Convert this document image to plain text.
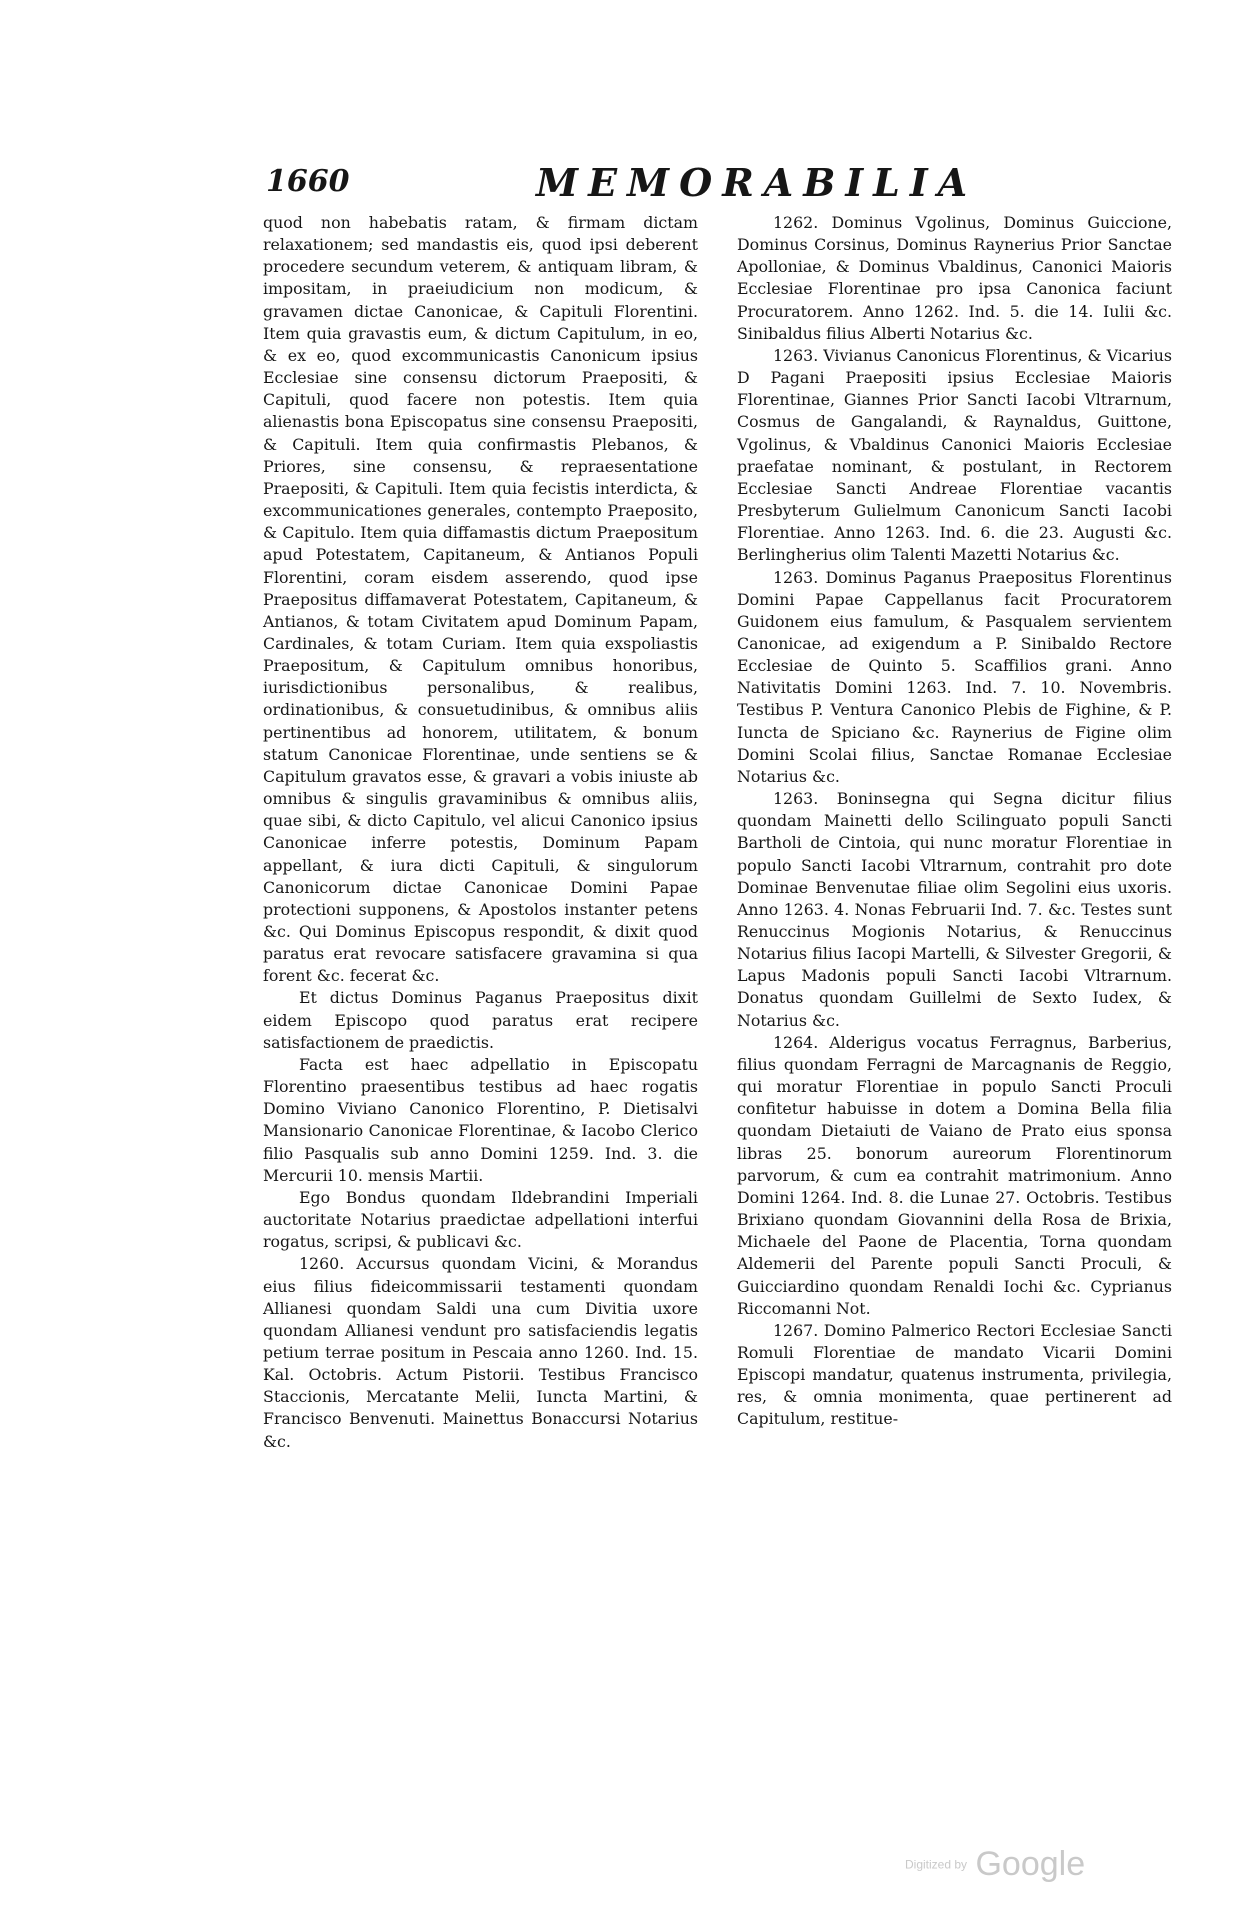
1660	MEMORABILIA

quod non habebatis ratam, & firmam dictam relaxationem; sed mandastis eis, quod ipsi deberent procedere secundum veterem, & antiquam libram, & impositam, in praeiudicium non modicum, & gravamen dictae Canonicae, & Capituli Florentini. Item quia gravastis eum, & dictum Capitulum, in eo, & ex eo, quod excommunicastis Canonicum ipsius Ecclesiae sine consensu dictorum Praepositi, & Capituli, quod facere non potestis. Item quia alienastis bona Episcopatus sine consensu Praepositi, & Capituli. Item quia confirmastis Plebanos, & Priores, sine consensu, & repraesentatione Praepositi, & Capituli. Item quia fecistis interdicta, & excommunicationes generales, contempto Praeposito, & Capitulo. Item quia diffamastis dictum Praepositum apud Potestatem, Capitaneum, & Antianos Populi Florentini, coram eisdem asserendo, quod ipse Praepositus diffamaverat Potestatem, Capitaneum, & Antianos, & totam Civitatem apud Dominum Papam, Cardinales, & totam Curiam. Item quia exspoliastis Praepositum, & Capitulum omnibus honoribus, iurisdictionibus personalibus, & realibus, ordinationibus, & consuetudinibus, & omnibus aliis pertinentibus ad honorem, utilitatem, & bonum statum Canonicae Florentinae, unde sentiens se & Capitulum gravatos esse, & gravari a vobis iniuste ab omnibus & singulis gravaminibus & omnibus aliis, quae sibi, & dicto Capitulo, vel alicui Canonico ipsius Canonicae inferre potestis, Dominum Papam appellant, & iura dicti Capituli, & singulorum Canonicorum dictae Canonicae Domini Papae protectioni supponens, & Apostolos instanter petens &c. Qui Dominus Episcopus respondit, & dixit quod paratus erat revocare satisfacere gravamina si qua forent &c. fecerat &c.

Et dictus Dominus Paganus Praepositus dixit eidem Episcopo quod paratus erat recipere satisfactionem de praedictis.

Facta est haec adpellatio in Episcopatu Florentino praesentibus testibus ad haec rogatis Domino Viviano Canonico Florentino, P. Dietisalvi Mansionario Canonicae Florentinae, & Iacobo Clerico filio Pasqualis sub anno Domini 1259. Ind. 3. die Mercurii 10. mensis Martii.

Ego Bondus quondam Ildebrandini Imperiali auctoritate Notarius praedictae adpellationi interfui rogatus, scripsi, & publicavi &c.

1260. Accursus quondam Vicini, & Morandus eius filius fideicommissarii testamenti quondam Allianesi quondam Saldi una cum Divitia uxore quondam Allianesi vendunt pro satisfaciendis legatis petium terrae positum in Pescaia anno 1260. Ind. 15. Kal. Octobris. Actum Pistorii. Testibus Francisco Staccionis, Mercatante Melii, Iuncta Martini, & Francisco Benvenuti. Mainettus Bonaccursi Notarius &c.

1262. Dominus Vgolinus, Dominus Guiccione, Dominus Corsinus, Dominus Raynerius Prior Sanctae Apolloniae, & Dominus Vbaldinus, Canonici Maioris Ecclesiae Florentinae pro ipsa Canonica faciunt Procuratorem. Anno 1262. Ind. 5. die 14. Iulii &c. Sinibaldus filius Alberti Notarius &c.

1263. Vivianus Canonicus Florentinus, & Vicarius D Pagani Praepositi ipsius Ecclesiae Maioris Florentinae, Giannes Prior Sancti Iacobi Vltrarnum, Cosmus de Gangalandi, & Raynaldus, Guittone, Vgolinus, & Vbaldinus Canonici Maioris Ecclesiae praefatae nominant, & postulant, in Rectorem Ecclesiae Sancti Andreae Florentiae vacantis Presbyterum Gulielmum Canonicum Sancti Iacobi Florentiae. Anno 1263. Ind. 6. die 23. Augusti &c. Berlingherius olim Talenti Mazetti Notarius &c.

1263. Dominus Paganus Praepositus Florentinus Domini Papae Cappellanus facit Procuratorem Guidonem eius famulum, & Pasqualem servientem Canonicae, ad exigendum a P. Sinibaldo Rectore Ecclesiae de Quinto 5. Scaffilios grani. Anno Nativitatis Domini 1263. Ind. 7. 10. Novembris. Testibus P. Ventura Canonico Plebis de Fighine, & P. Iuncta de Spiciano &c. Raynerius de Figine olim Domini Scolai filius, Sanctae Romanae Ecclesiae Notarius &c.

1263. Boninsegna qui Segna dicitur filius quondam Mainetti dello Scilinguato populi Sancti Bartholi de Cintoia, qui nunc moratur Florentiae in populo Sancti Iacobi Vltrarnum, contrahit pro dote Dominae Benvenutae filiae olim Segolini eius uxoris. Anno 1263. 4. Nonas Februarii Ind. 7. &c. Testes sunt Renuccinus Mogionis Notarius, & Renuccinus Notarius filius Iacopi Martelli, & Silvester Gregorii, & Lapus Madonis populi Sancti Iacobi Vltrarnum. Donatus quondam Guillelmi de Sexto Iudex, & Notarius &c.

1264. Alderigus vocatus Ferragnus, Barberius, filius quondam Ferragni de Marcagnanis de Reggio, qui moratur Florentiae in populo Sancti Proculi confitetur habuisse in dotem a Domina Bella filia quondam Dietaiuti de Vaiano de Prato eius sponsa libras 25. bonorum aureorum Florentinorum parvorum, & cum ea contrahit matrimonium. Anno Domini 1264. Ind. 8. die Lunae 27. Octobris. Testibus Brixiano quondam Giovannini della Rosa de Brixia, Michaele del Paone de Placentia, Torna quondam Aldemerii del Parente populi Sancti Proculi, & Guicciardino quondam Renaldi Iochi &c. Cyprianus Riccomanni Not.

1267. Domino Palmerico Rectori Ecclesiae Sancti Romuli Florentiae de mandato Vicarii Domini Episcopi mandatur, quatenus instrumenta, privilegia, res, & omnia monimenta, quae pertinerent ad Capitulum, restitue-

Digitized by Google
